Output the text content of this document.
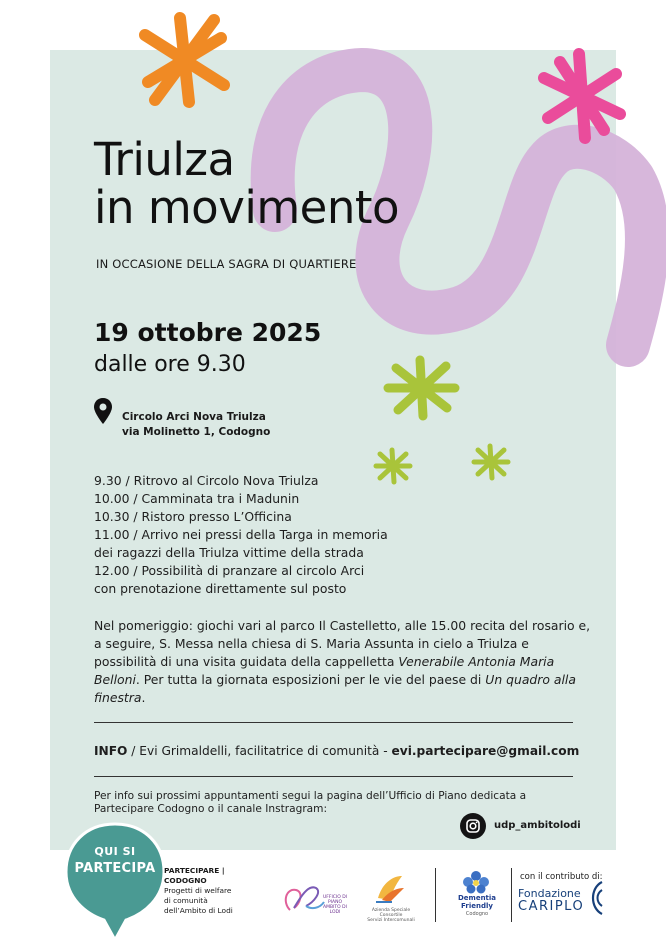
Triulza
in movimento
IN OCCASIONE DELLA SAGRA DI QUARTIERE
19 ottobre 2025
dalle ore 9.30
Circolo Arci Nova Triulza
via Molinetto 1, Codogno
9.30 / Ritrovo al Circolo Nova Triulza
10.00 / Camminata tra i Madunin
10.30 / Ristoro presso L’Officina
11.00 / Arrivo nei pressi della Targa in memoria
dei ragazzi della Triulza vittime della strada
12.00 / Possibilità di pranzare al circolo Arci
con prenotazione direttamente sul posto
Nel pomeriggio: giochi vari al parco Il Castelletto, alle 15.00 recita del rosario e, a seguire, S. Messa nella chiesa di S. Maria Assunta in cielo a Triulza e possibilità di una visita guidata della cappelletta Venerabile Antonia Maria Belloni. Per tutta la giornata esposizioni per le vie del paese di Un quadro alla finestra.
INFO / Evi Grimaldelli, facilitatrice di comunità - evi.partecipare@gmail.com
Per info sui prossimi appuntamenti segui la pagina dell’Ufficio di Piano dedicata a Partecipare Codogno o il canale Instragram:
udp_ambitolodi
QUI SI
PARTECIPA	PARTECIPARE |
CODOGNO
Progetti di welfare
di comunità
dell’Ambito di Lodi
UFFICIO DI PIANO
AMBITO DI LODI	Azienda Speciale Consortile
Servizi Intercomunali
Dementia
Friendly
Codogno
con il contributo di:
Fondazione
CARIPLO
